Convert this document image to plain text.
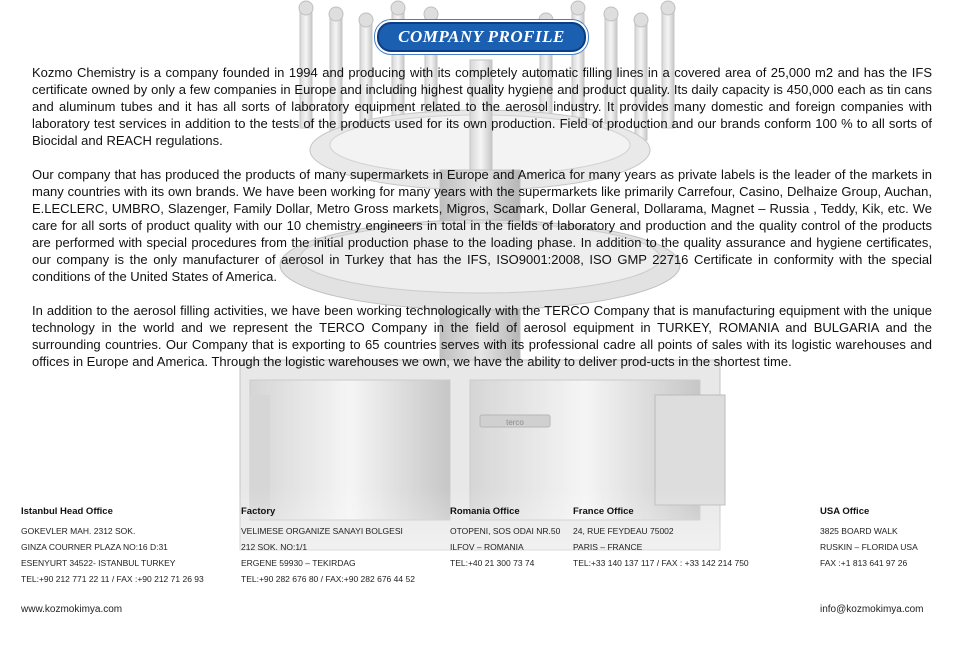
COMPANY PROFILE

Kozmo Chemistry is a company founded in 1994 and producing with its completely automatic filling lines in a covered area of 25,000 m2 and has the IFS certificate owned by only a few companies in Europe and including highest quality hygiene and product quality. Its daily capacity is 450,000 each as tin cans and aluminum tubes and it has all sorts of laboratory equipment related to the aerosol industry. It provides many domestic and foreign companies with laboratory test services in addition to the tests of the products used for its own production. Field of production and our brands conform 100 % to all sorts of Biocidal and REACH regulations.

Our company that has produced the products of many supermarkets in Europe and America for many years as private labels is the leader of the markets in many countries with its own brands. We have been working for many years with the supermarkets like primarily Carrefour, Casino, Delhaize Group, Auchan, E.LECLERC, UMBRO, Slazenger, Family Dollar, Metro Gross markets, Migros, Scamark, Dollar General, Dollarama, Magnet – Russia , Teddy, Kik, etc. We care for all sorts of product quality with our 10 chemistry engineers in total in the fields of laboratory and production and the quality control of the products are performed with special procedures from the initial production phase to the loading phase. In addition to the quality assurance and hygiene certificates, our company is the only manufacturer of aerosol in Turkey that has the IFS, ISO9001:2008, ISO GMP 22716 Certificate in conformity with the special conditions of the United States of America.

In addition to the aerosol filling activities, we have been working technologically with the TERCO Company that is manufacturing equipment with the unique technology in the world and we represent the TERCO Company in the field of aerosol equipment in TURKEY, ROMANIA and BULGARIA and the surrounding countries. Our Company that is exporting to 65 countries serves with its professional cadre all points of sales with its logistic warehouses and offices in Europe and America. Through the logistic warehouses we own, we have the ability to deliver prod-ucts in the shortest time.

Istanbul Head Office
GOKEVLER MAH. 2312 SOK.
GINZA COURNER PLAZA NO:16 D:31
ESENYURT 34522- ISTANBUL TURKEY
TEL:+90 212 771 22 11 / FAX :+90 212 71 26 93
Factory
VELIMESE ORGANIZE SANAYI BOLGESI
212 SOK. NO:1/1
ERGENE 59930 – TEKIRDAG
TEL:+90 282 676 80 / FAX:+90 282 676 44 52
Romania Office
OTOPENI, SOS ODAI NR.50
ILFOV – ROMANIA
TEL:+40 21 300 73 74
France Office
24, RUE FEYDEAU 75002
PARIS – FRANCE
TEL:+33 140 137 117 / FAX : +33 142 214 750
USA Office
3825 BOARD WALK
RUSKIN – FLORIDA USA
FAX :+1 813 641 97 26
www.kozmokimya.com	info@kozmokimya.com
